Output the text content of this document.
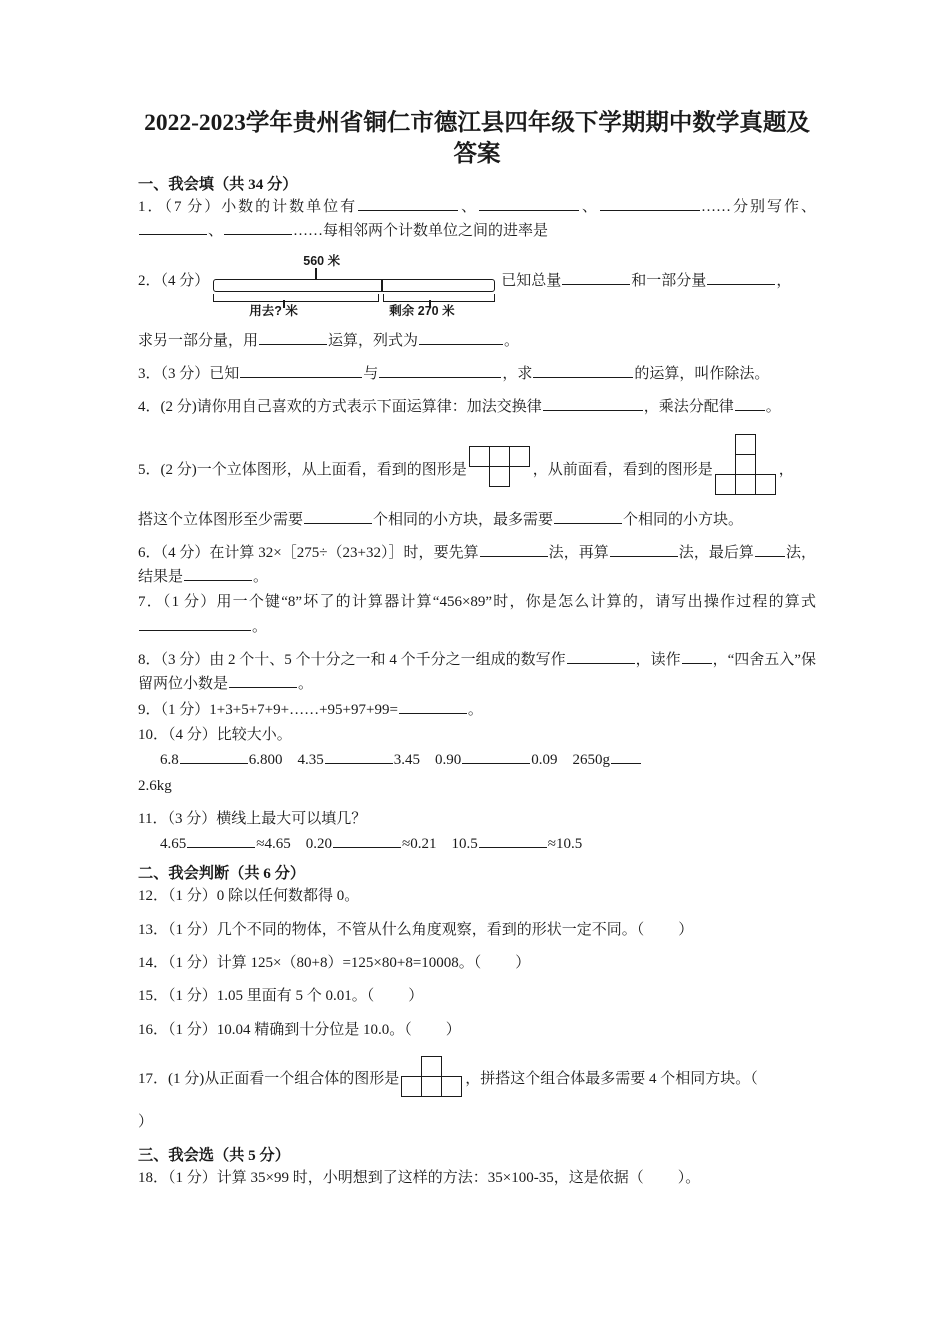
2022-2023学年贵州省铜仁市德江县四年级下学期期中数学真题及答案
一、我会填（共 34 分）
1．（7 分）小数的计数单位有	、	、	……分别写作、、	……每相邻两个计数单位之间的进率是
2．（4 分）
560 米
用去? 米	剩余 270 米
已知总量	和一部分量	，
求另一部分量，用	运算，列式为	。
3．（3 分）已知	与	，求	的运算，叫作除法。
4．(2 分)请你用自己喜欢的方式表示下面运算律：加法交换律	，乘法分配律 。
5．(2 分)一个立体图形，从上面看，看到的图形是	，从前面看，看到的图形是	，
搭这个立体图形至少需要	个相同的小方块，最多需要	个相同的小方块。
6．（4 分）在计算 32×［275÷（23+32）］时，要先算	法，再算	法，最后算 法，结果是	。
7．（1 分）用一个键“8”坏了的计算器计算“456×89”时，你是怎么计算的，请写出操作过程的算式。
8．（3 分）由 2 个十、5 个十分之一和 4 个千分之一组成的数写作	，读作 ，“四舍五入”保留两位小数是	。
9．（1 分）1+3+5+7+9+……+95+97+99=	。
10．（4 分）比较大小。
6.8	6.800 4.35	3.45 0.90	0.09 2650g
2.6kg
11．（3 分）横线上最大可以填几？
4.65	≈4.65 0.20	≈0.21 10.5	≈10.5
二、我会判断（共 6 分）
12．（1 分）0 除以任何数都得 0。
13．（1 分）几个不同的物体，不管从什么角度观察，看到的形状一定不同。（ ）
14．（1 分）计算 125×（80+8）=125×80+8=10008。（ ）
15．（1 分）1.05 里面有 5 个 0.01。（ ）
16．（1 分）10.04 精确到十分位是 10.0。（ ）
17．(1 分)从正面看一个组合体的图形是	，拼搭这个组合体最多需要 4 个相同方块。（
）
三、我会选（共 5 分）
18．（1 分）计算 35×99 时，小明想到了这样的方法：35×100-35，这是依据（ ）。
